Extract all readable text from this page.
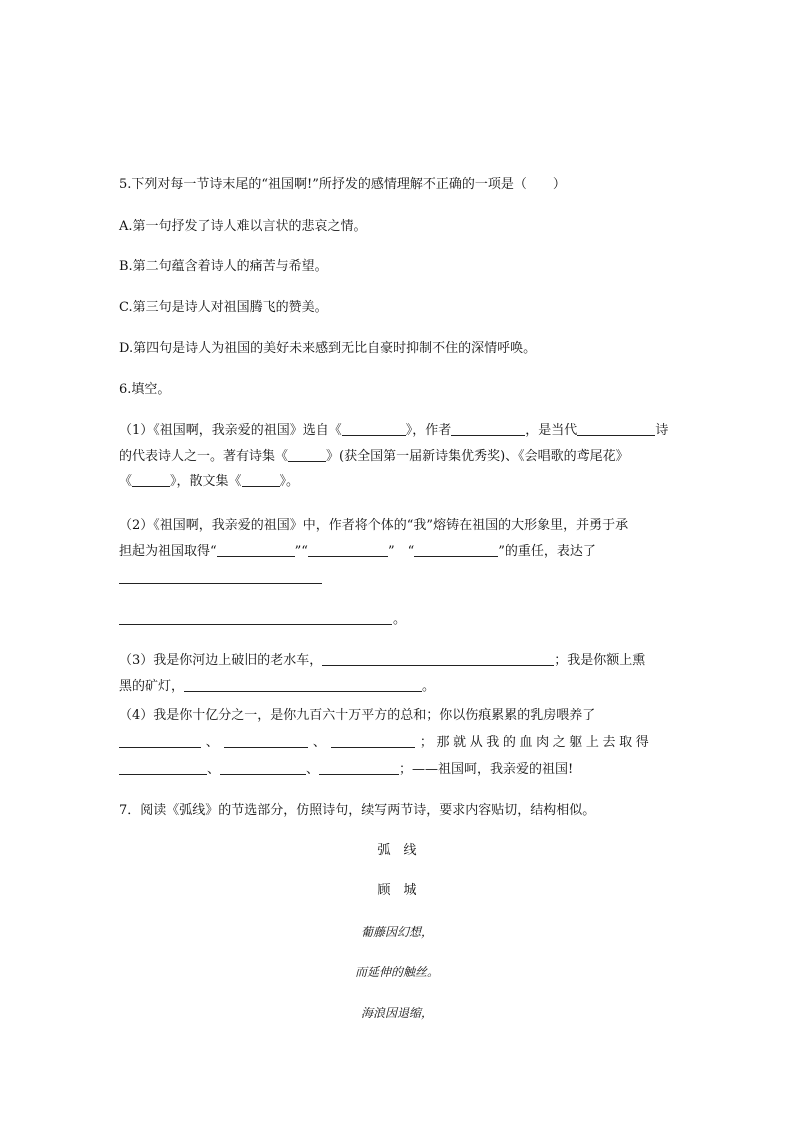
5.下列对每一节诗末尾的“祖国啊!”所抒发的感情理解不正确的一项是（　　）
A.第一句抒发了诗人难以言状的悲哀之情。
B.第二句蕴含着诗人的痛苦与希望。
C.第三句是诗人对祖国腾飞的赞美。
D.第四句是诗人为祖国的美好未来感到无比自豪时抑制不住的深情呼唤。
6.填空。
（1）《祖国啊，我亲爱的祖国》选自《	》，作者	，是当代	诗
的代表诗人之一。著有诗集《	》(获全国第一届新诗集优秀奖)、《会唱歌的鸢尾花》
《	》，散文集《	》。
（2）《祖国啊，我亲爱的祖国》中，作者将个体的“我”熔铸在祖国的大形象里，并勇于承
担起为祖国取得“	”“	”　“	”的重任，表达了
。
（3）我是你河边上破旧的老水车，	；我是你额上熏
黑的矿灯，	。
（4）我是你十亿分之一，是你九百六十万平方的总和；你以伤痕累累的乳房喂养了
、	、	；那就从我的血肉之躯上去取得
、	、	；——祖国呵，我亲爱的祖国!
7．阅读《弧线》的节选部分，仿照诗句，续写两节诗，要求内容贴切，结构相似。
弧　线
顾　城
葡藤因幻想，
而延伸的触丝。
海浪因退缩，
